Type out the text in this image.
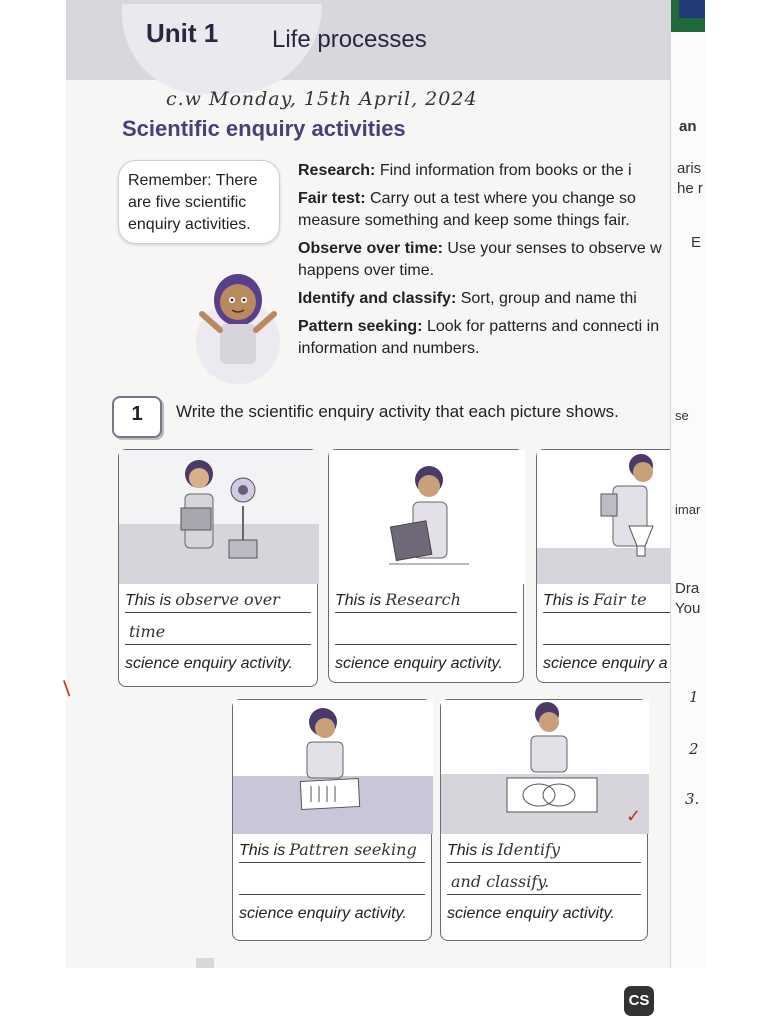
Unit 1 Life processes
c.w Monday, 15th April, 2024
Scientific enquiry activities
Remember: There are five scientific enquiry activities.
Research: Find information from books or the i
Fair test: Carry out a test where you change so measure something and keep some things fair.
Observe over time: Use your senses to observe w happens over time.
Identify and classify: Sort, group and name thi
Pattern seeking: Look for patterns and connecti in information and numbers.
1	Write the scientific enquiry activity that each picture shows.
This is observe over
time
science enquiry activity.
This is Research
science enquiry activity.
This is Fair te
science enquiry a
This is Pattren seeking
science enquiry activity.
This is Identify
and classify.
science enquiry activity.
/
✓
an
aris
he r
E
se
imar
Dra
You
1
2
3.
CS
